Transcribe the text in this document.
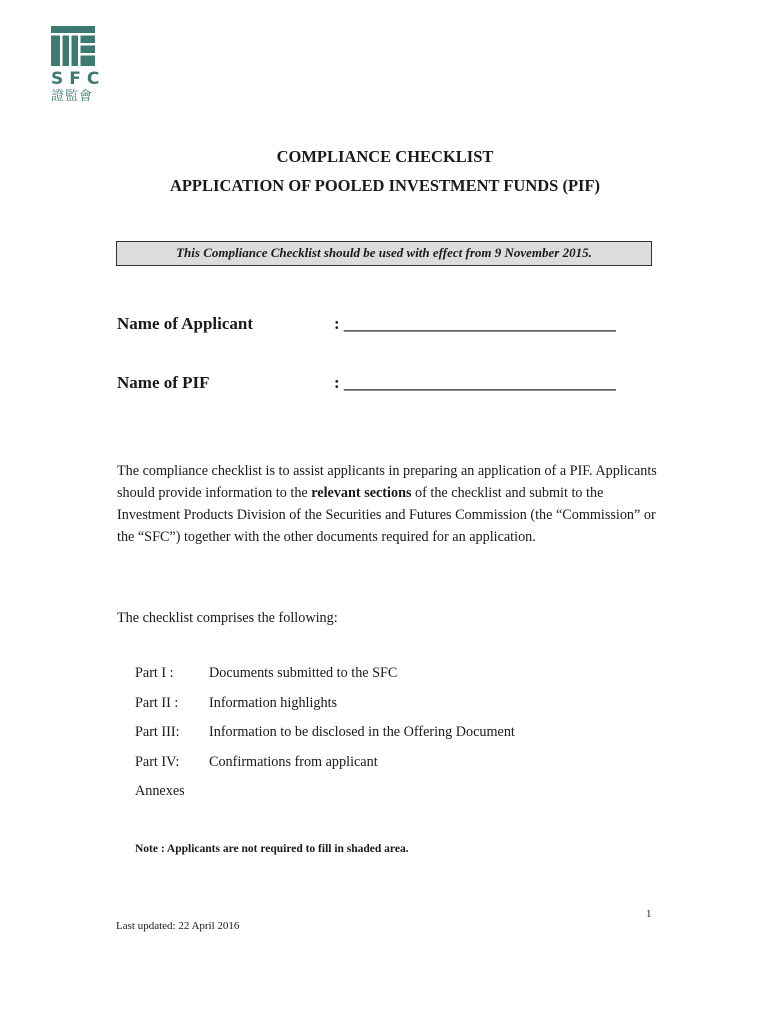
SFC
證監會
COMPLIANCE CHECKLIST
APPLICATION OF POOLED INVESTMENT FUNDS (PIF)
This Compliance Checklist should be used with effect from 9 November 2015.
Name of Applicant	: ________________________________
Name of PIF	: ________________________________
The compliance checklist is to assist applicants in preparing an application of a PIF. Applicants should provide information to the relevant sections of the checklist and submit to the Investment Products Division of the Securities and Futures Commission (the “Commission” or the “SFC”) together with the other documents required for an application.
The checklist comprises the following:
Part I : Documents submitted to the SFC
Part II : Information highlights
Part III: Information to be disclosed in the Offering Document
Part IV: Confirmations from applicant
Annexes
Note : Applicants are not required to fill in shaded area.
1
Last updated: 22 April 2016
